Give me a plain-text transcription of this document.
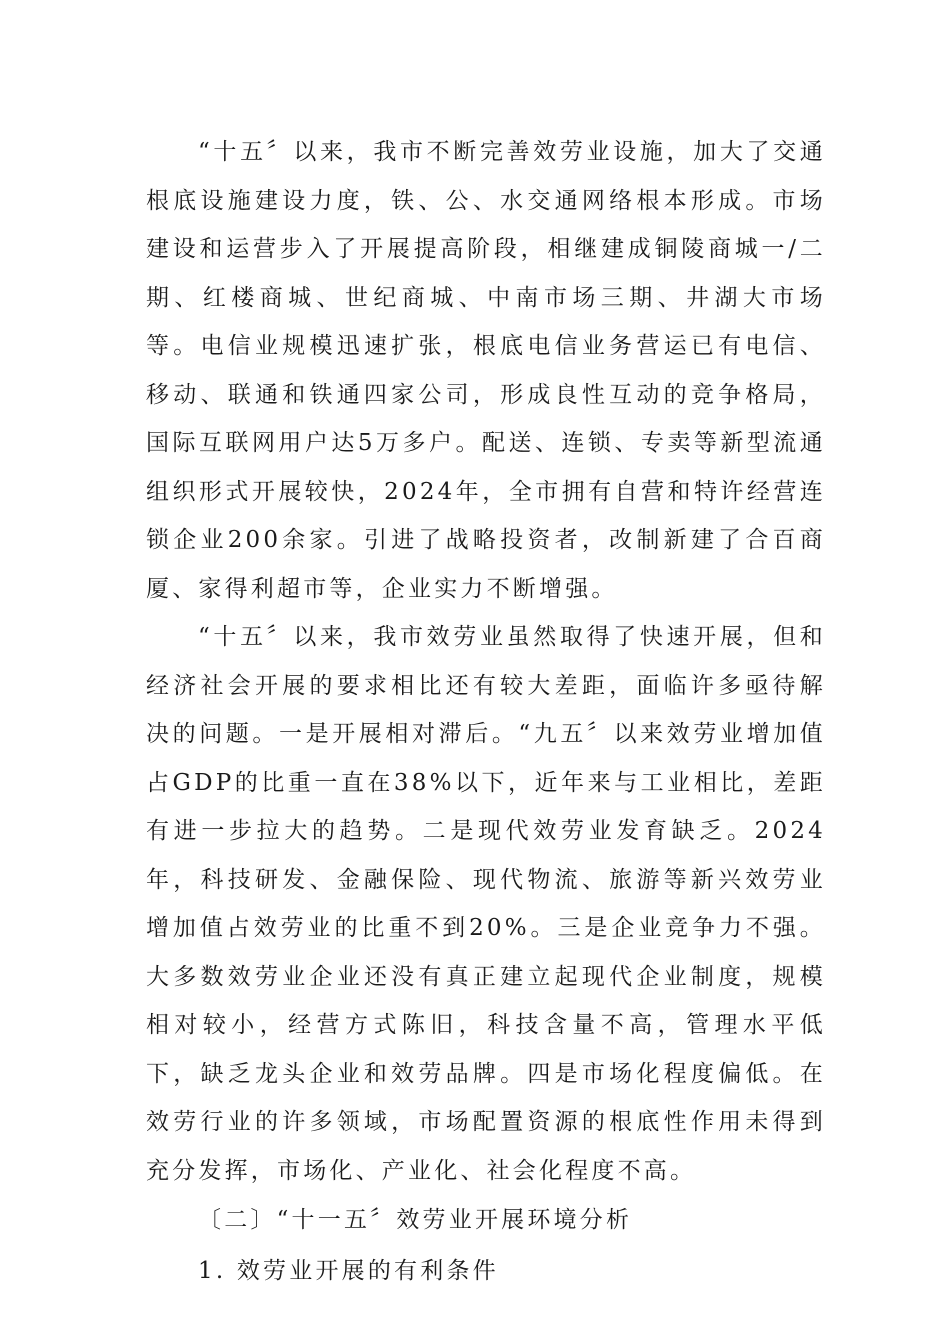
“十五〞以来，我市不断完善效劳业设施，加大了交通根底设施建设力度，铁、公、水交通网络根本形成。市场建设和运营步入了开展提高阶段，相继建成铜陵商城一/二期、红楼商城、世纪商城、中南市场三期、井湖大市场等。电信业规模迅速扩张，根底电信业务营运已有电信、移动、联通和铁通四家公司，形成良性互动的竞争格局，国际互联网用户达5万多户。配送、连锁、专卖等新型流通组织形式开展较快，2024年，全市拥有自营和特许经营连锁企业200余家。引进了战略投资者，改制新建了合百商厦、家得利超市等，企业实力不断增强。

“十五〞以来，我市效劳业虽然取得了快速开展，但和经济社会开展的要求相比还有较大差距，面临许多亟待解决的问题。一是开展相对滞后。“九五〞以来效劳业增加值占GDP的比重一直在38%以下，近年来与工业相比，差距有进一步拉大的趋势。二是现代效劳业发育缺乏。2024年，科技研发、金融保险、现代物流、旅游等新兴效劳业增加值占效劳业的比重不到20%。三是企业竞争力不强。大多数效劳业企业还没有真正建立起现代企业制度，规模相对较小，经营方式陈旧，科技含量不高，管理水平低下，缺乏龙头企业和效劳品牌。四是市场化程度偏低。在效劳行业的许多领域，市场配置资源的根底性作用未得到充分发挥，市场化、产业化、社会化程度不高。

〔二〕“十一五〞效劳业开展环境分析

1. 效劳业开展的有利条件
